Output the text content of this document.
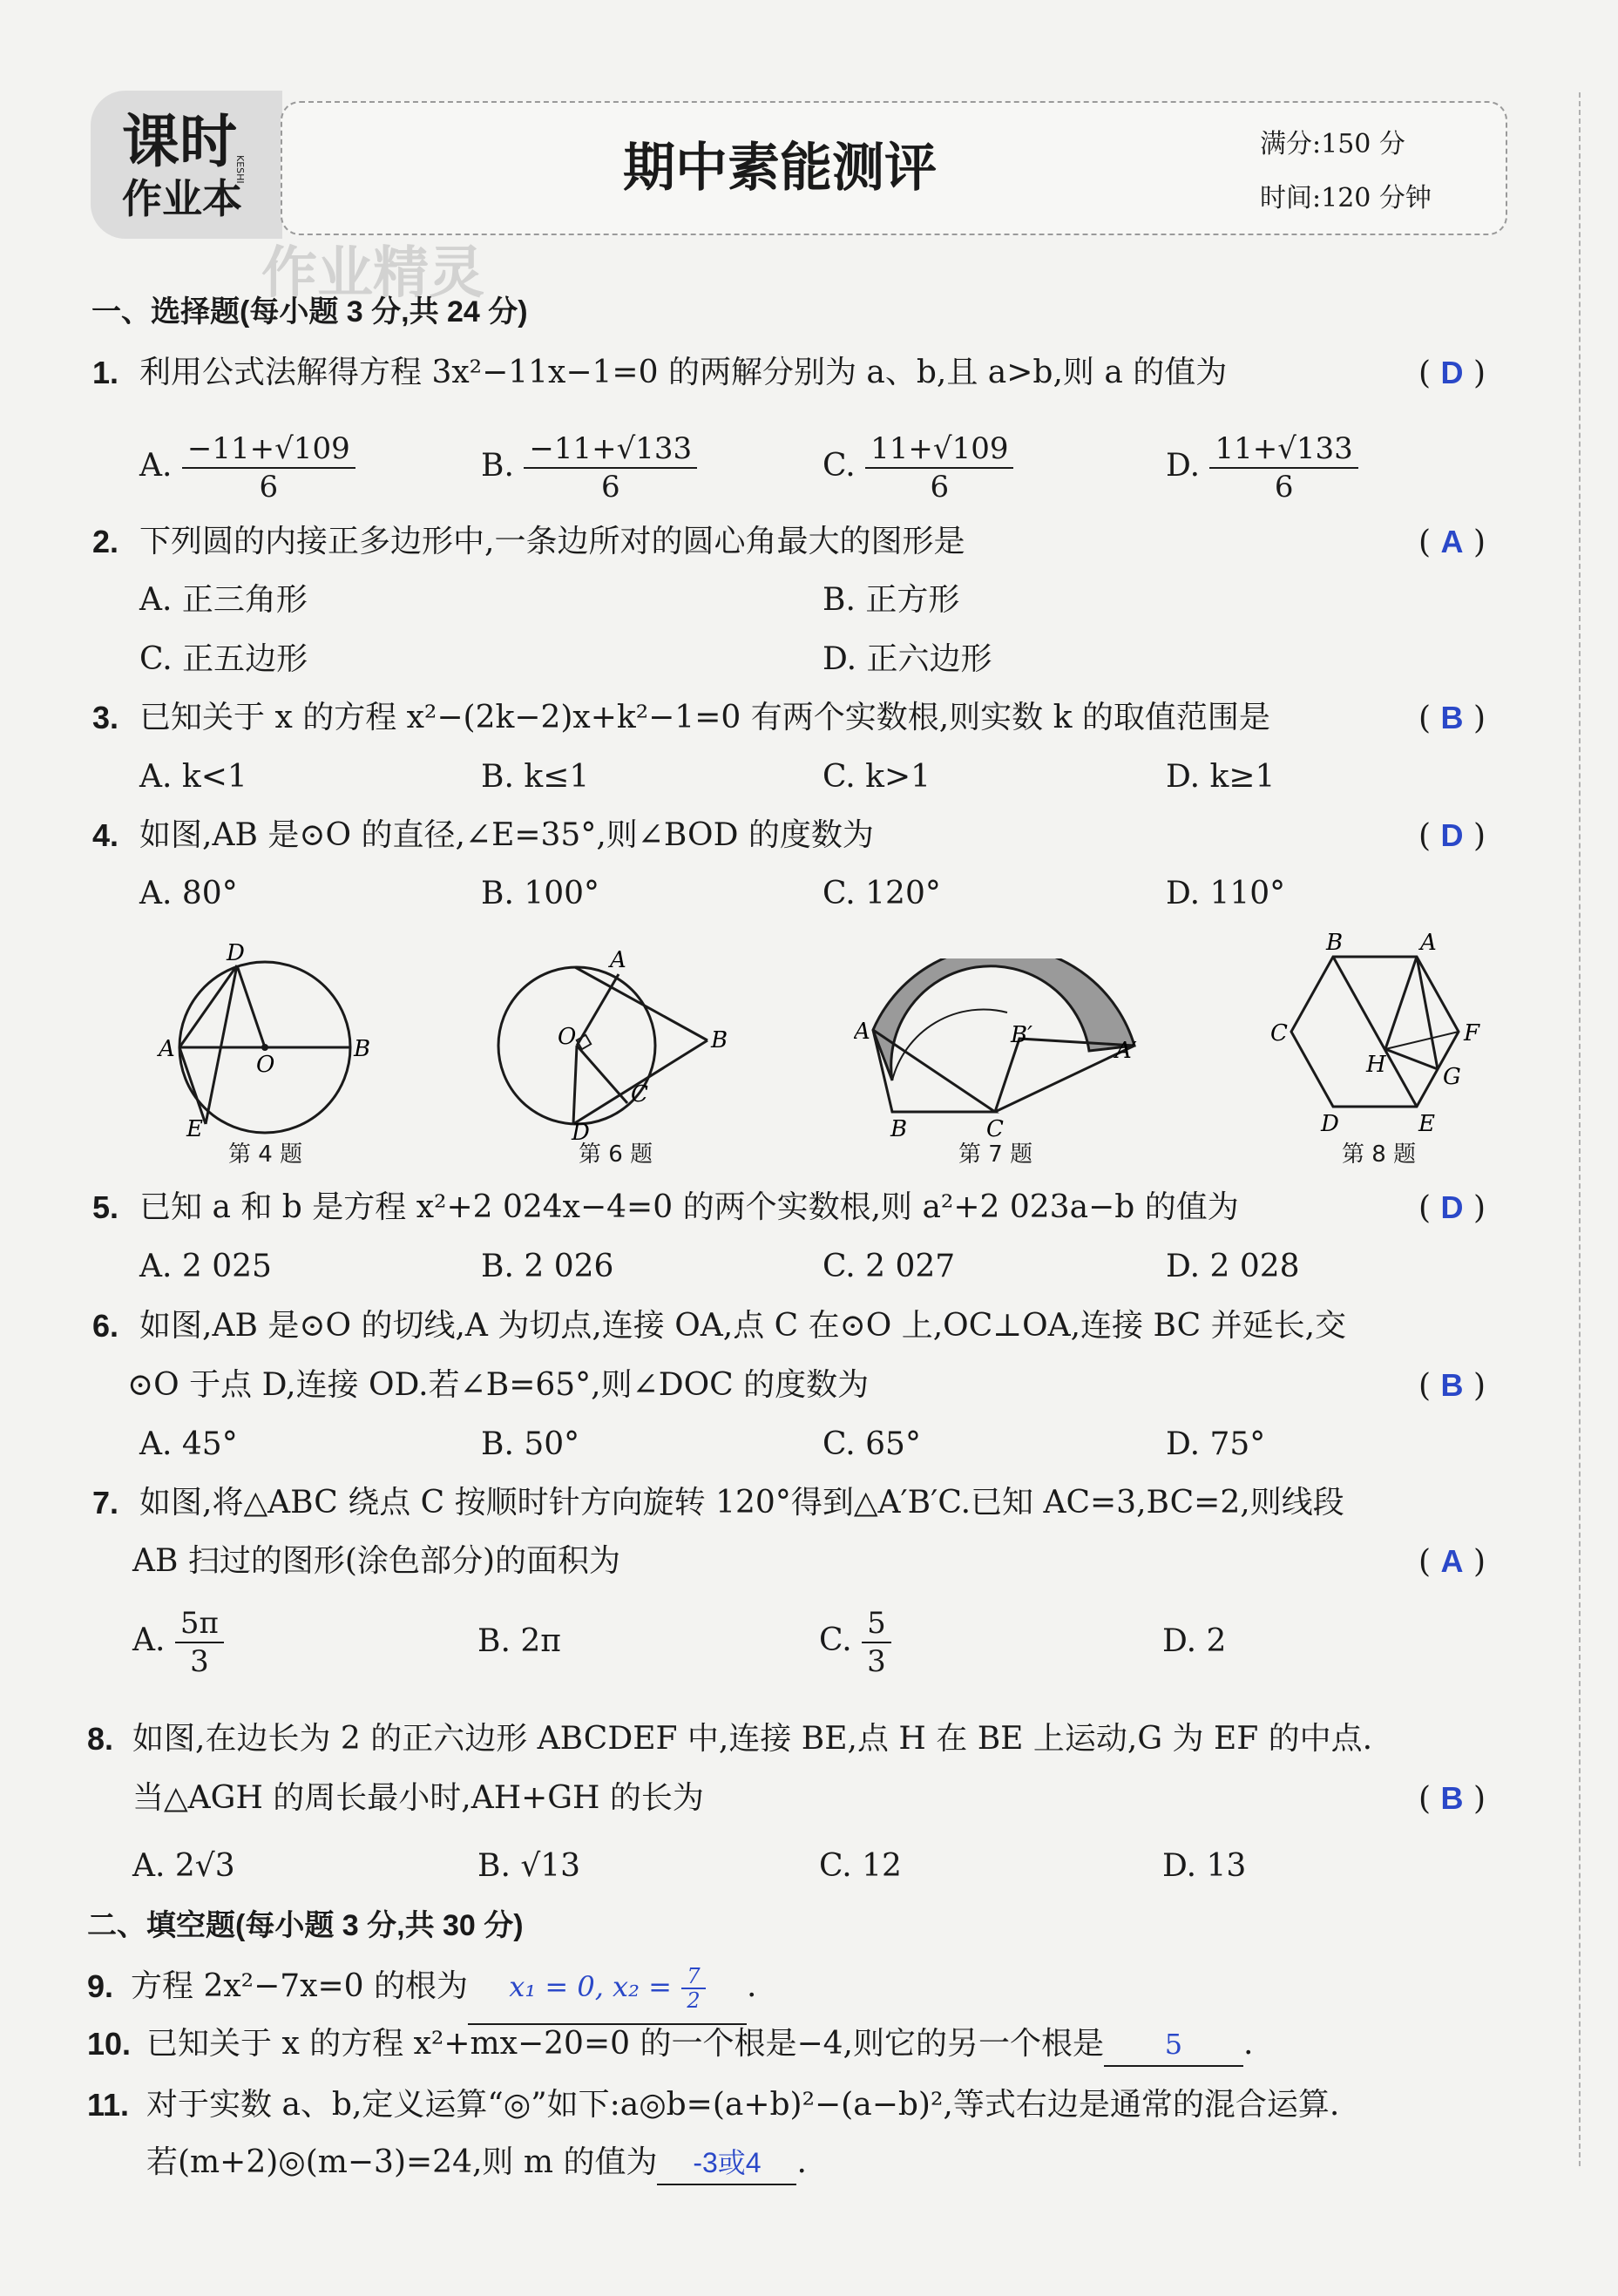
课时
作业本
KESHI	期中素能测评	满分:150 分
时间:120 分钟
作业精灵
一、选择题(每小题 3 分,共 24 分)
1. 利用公式法解得方程 3x²−11x−1=0 的两解分别为 a、b,且 a>b,则 a 的值为	( D )
A. $\frac{-11+√109}{6}$	B. $\frac{-11+√133}{6}$	C. $\frac{11+√109}{6}$	D. $\frac{11+√133}{6}$
2. 下列圆的内接正多边形中,一条边所对的圆心角最大的图形是	( A )
A. 正三角形	B. 正方形
C. 正五边形	D. 正六边形
3. 已知关于 x 的方程 x²−(2k−2)x+k²−1=0 有两个实数根,则实数 k 的取值范围是	( B )
A. k<1	B. k≤1	C. k>1	D. k≥1
4. 如图,AB 是⊙O 的直径,∠E=35°,则∠BOD 的度数为	( D )
A. 80°	B. 100°	C. 120°	D. 110°
D
A
O
B
E
第 4 题
A
O	B
C
D
第 6 题
A	B′
A′
B	C
第 7 题
B	A
C	F
H	G
D	E
第 8 题
5. 已知 a 和 b 是方程 x²+2 024x−4=0 的两个实数根,则 a²+2 023a−b 的值为	( D )
A. 2 025	B. 2 026	C. 2 027	D. 2 028
6. 如图,AB 是⊙O 的切线,A 为切点,连接 OA,点 C 在⊙O 上,OC⊥OA,连接 BC 并延长,交
⊙O 于点 D,连接 OD.若∠B=65°,则∠DOC 的度数为	( B )
A. 45°	B. 50°	C. 65°	D. 75°
7. 如图,将△ABC 绕点 C 按顺时针方向旋转 120°得到△A′B′C.已知 AC=3,BC=2,则线段
AB 扫过的图形(涂色部分)的面积为	( A )
A. $\frac{5\pi}{3}$	B. 2π	C. $\frac{5}{3}$	D. 2
8. 如图,在边长为 2 的正六边形 ABCDEF 中,连接 BE,点 H 在 BE 上运动,G 为 EF 的中点.
当△AGH 的周长最小时,AH+GH 的长为	( B )
A. 2√3	B. √13	C. 12	D. 13
二、填空题(每小题 3 分,共 30 分)
9. 方程 2x²−7x=0 的根为 x₁ = 0, $x_2 = \frac{7}{2}$ .
10. 已知关于 x 的方程 x²+mx−20=0 的一个根是−4,则它的另一个根是 5 .
11. 对于实数 a、b,定义运算“◎”如下:a◎b=(a+b)²−(a−b)²,等式右边是通常的混合运算.
若(m+2)◎(m−3)=24,则 m 的值为 -3或4 .
